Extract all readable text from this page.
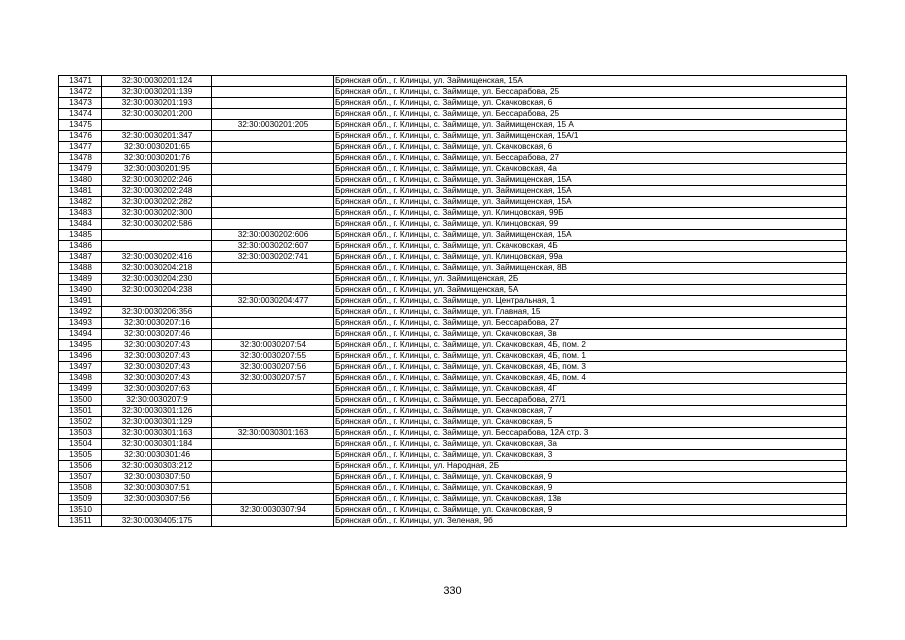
13471	32:30:0030201:124		Брянская обл., г. Клинцы, ул. Займищенская, 15А
13472	32:30:0030201:139		Брянская обл., г. Клинцы, с. Займище, ул. Бессарабова, 25
13473	32:30:0030201:193		Брянская обл., г. Клинцы, с. Займище, ул. Скачковская, 6
13474	32:30:0030201:200		Брянская обл., г. Клинцы, с. Займище, ул. Бессарабова, 25
13475		32:30:0030201:205	Брянская обл., г. Клинцы, с. Займище, ул. Займищенская, 15 А
13476	32:30:0030201:347		Брянская обл., г. Клинцы, с. Займище, ул. Займищенская, 15А/1
13477	32:30:0030201:65		Брянская обл., г. Клинцы, с. Займище, ул. Скачковская, 6
13478	32:30:0030201:76		Брянская обл., г. Клинцы, с. Займище, ул. Бессарабова, 27
13479	32:30:0030201:95		Брянская обл., г. Клинцы, с. Займище, ул. Скачковская, 4а
13480	32:30:0030202:246		Брянская обл., г. Клинцы, с. Займище, ул. Займищенская, 15А
13481	32:30:0030202:248		Брянская обл., г. Клинцы, с. Займище, ул. Займищенская, 15А
13482	32:30:0030202:282		Брянская обл., г. Клинцы, с. Займище, ул. Займищенская, 15А
13483	32:30:0030202:300		Брянская обл., г. Клинцы, с. Займище, ул. Клинцовская, 99Б
13484	32:30:0030202:586		Брянская обл., г. Клинцы, с. Займище, ул. Клинцовская, 99
13485		32:30:0030202:606	Брянская обл., г. Клинцы, с. Займище, ул. Займищенская, 15А
13486		32:30:0030202:607	Брянская обл., г. Клинцы, с. Займище, ул. Скачковская, 4Б
13487	32:30:0030202:416	32:30:0030202:741	Брянская обл., г. Клинцы, с. Займище, ул. Клинцовская, 99а
13488	32:30:0030204:218		Брянская обл., г. Клинцы, с. Займище, ул. Займищенская, 8В
13489	32:30:0030204:230		Брянская обл., г. Клинцы, ул. Займищенская, 2Б
13490	32:30:0030204:238		Брянская обл., г. Клинцы, ул. Займищенская, 5А
13491		32:30:0030204:477	Брянская обл., г. Клинцы, с. Займище, ул. Центральная, 1
13492	32:30:0030206:356		Брянская обл., г. Клинцы, с. Займище, ул. Главная, 15
13493	32:30:0030207:16		Брянская обл., г. Клинцы, с. Займище, ул. Бессарабова, 27
13494	32:30:0030207:46		Брянская обл., г. Клинцы, с. Займище, ул. Скачковская, 3в
13495	32:30:0030207:43	32:30:0030207:54	Брянская обл., г. Клинцы, с. Займище, ул. Скачковская, 4Б, пом. 2
13496	32:30:0030207:43	32:30:0030207:55	Брянская обл., г. Клинцы, с. Займище, ул. Скачковская, 4Б, пом. 1
13497	32:30:0030207:43	32:30:0030207:56	Брянская обл., г. Клинцы, с. Займище, ул. Скачковская, 4Б, пом. 3
13498	32:30:0030207:43	32:30:0030207:57	Брянская обл., г. Клинцы, с. Займище, ул. Скачковская, 4Б, пом. 4
13499	32:30:0030207:63		Брянская обл., г. Клинцы, с. Займище, ул. Скачковская, 4Г
13500	32:30:0030207:9		Брянская обл., г. Клинцы, с. Займище, ул. Бессарабова, 27/1
13501	32:30:0030301:126		Брянская обл., г. Клинцы, с. Займище, ул. Скачковская, 7
13502	32:30:0030301:129		Брянская обл., г. Клинцы, с. Займище, ул. Скачковская, 5
13503	32:30:0030301:163	32:30:0030301:163	Брянская обл., г. Клинцы, с. Займище, ул. Бессарабова, 12А стр. 3
13504	32:30:0030301:184		Брянская обл., г. Клинцы, с. Займище, ул. Скачковская, 3а
13505	32:30:0030301:46		Брянская обл., г. Клинцы, с. Займище, ул. Скачковская, 3
13506	32:30:0030303:212		Брянская обл., г. Клинцы, ул. Народная, 2Б
13507	32:30:0030307:50		Брянская обл., г. Клинцы, с. Займище, ул. Скачковская, 9
13508	32:30:0030307:51		Брянская обл., г. Клинцы, с. Займище, ул. Скачковская, 9
13509	32:30:0030307:56		Брянская обл., г. Клинцы, с. Займище, ул. Скачковская, 13в
13510		32:30:0030307:94	Брянская обл., г. Клинцы, с. Займище, ул. Скачковская, 9
13511	32:30:0030405:175		Брянская обл., г. Клинцы, ул. Зеленая, 9б
330
